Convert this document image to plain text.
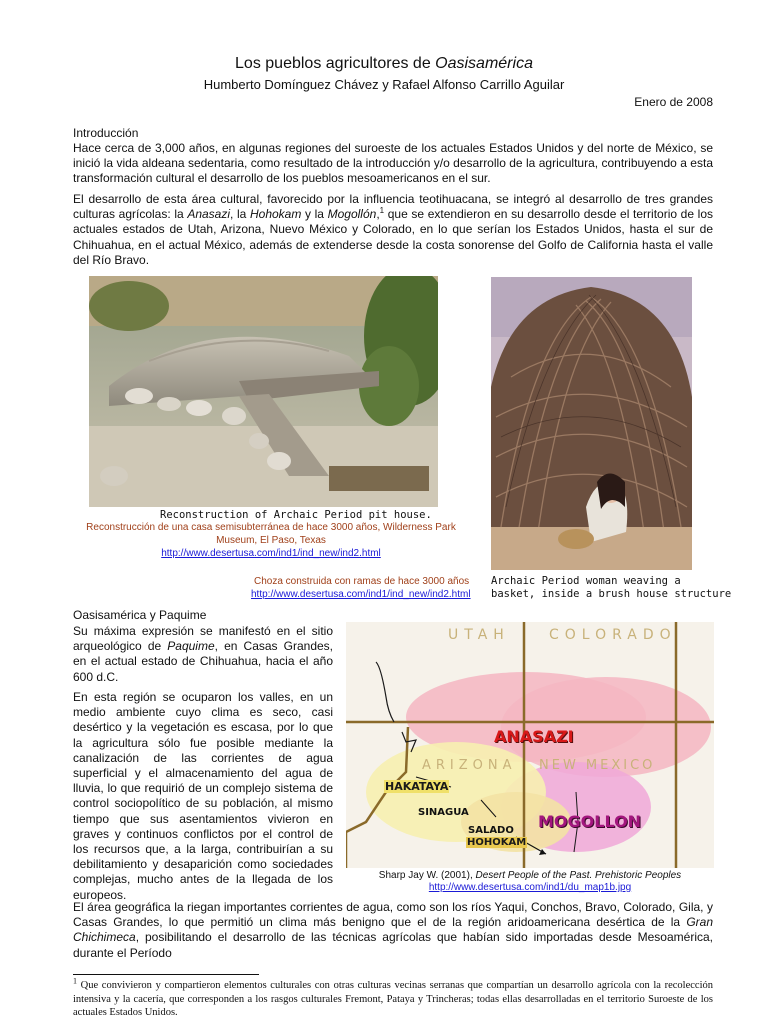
Los pueblos agricultores de Oasisamérica
Humberto Domínguez Chávez y Rafael Alfonso Carrillo Aguilar
Enero de 2008
Introducción
Hace cerca de 3,000 años, en algunas regiones del suroeste de los actuales Estados Unidos y del norte de México, se inició la vida aldeana sedentaria, como resultado de la introducción y/o desarrollo de la agricultura, contribuyendo a esta transformación cultural el desarrollo de los pueblos mesoamericanos en el sur.
El desarrollo de esta área cultural, favorecido por la influencia teotihuacana, se integró al desarrollo de tres grandes culturas agrícolas: la Anasazi, la Hohokam y la Mogollón,$^1$ que se extendieron en su desarrollo desde el territorio de los actuales estados de Utah, Arizona, Nuevo México y Colorado, en lo que serían los Estados Unidos, hasta el sur de Chihuahua, en el actual México, además de extenderse desde la costa sonorense del Golfo de California hasta el valle del Río Bravo.
Reconstruction of Archaic Period pit house.
Reconstrucción de una casa semisubterránea de hace 3000 años, Wilderness Park Museum, El Paso, Texas
http://www.desertusa.com/ind1/ind_new/ind2.html
Choza construida con ramas de hace 3000 años
http://www.desertusa.com/ind1/ind_new/ind2.html
Archaic Period woman weaving a
basket, inside a brush house structure
Oasisamérica y Paquime
Su máxima expresión se manifestó en el sitio arqueológico de Paquime, en Casas Grandes, en el actual estado de Chihuahua, hacia el año 600 d.C.
En esta región se ocuparon los valles, en un medio ambiente cuyo clima es seco, casi desértico y la vegetación es escasa, por lo que la agricultura sólo fue posible mediante la canalización de las corrientes de agua superficial y el almacenamiento del agua de lluvia, lo que requirió de un complejo sistema de control sociopolítico de su población, al mismo tiempo que sus asentamientos vivieron en graves y continuos conflictos por el control de los recursos que, a la larga, contribuirían a su debilitamiento y desaparición como sociedades complejas, mucho antes de la llegada de los europeos.
UTAH	COLORADO
ARIZONA NEW MEXICO
ANASAZI
HAKATAYA
SINAGUA
SALADO
HOHOKAM
MOGOLLON
Sharp Jay W. (2001), Desert People of the Past. Prehistoric Peoples
http://www.desertusa.com/ind1/du_map1b.jpg
El área geográfica la riegan importantes corrientes de agua, como son los ríos Yaqui, Conchos, Bravo, Colorado, Gila, y Casas Grandes, lo que permitió un clima más benigno que el de la región aridoamericana desértica de la Gran Chichimeca, posibilitando el desarrollo de las técnicas agrícolas que habían sido importadas desde Mesoamérica, durante el Período
$^1$ Que convivieron y compartieron elementos culturales con otras culturas vecinas serranas que compartían un desarrollo agrícola con la recolección intensiva y la cacería, que corresponden a los rasgos culturales Fremont, Pataya y Trincheras; todas ellas desarrolladas en el territorio Suroeste de los actuales Estados Unidos.
